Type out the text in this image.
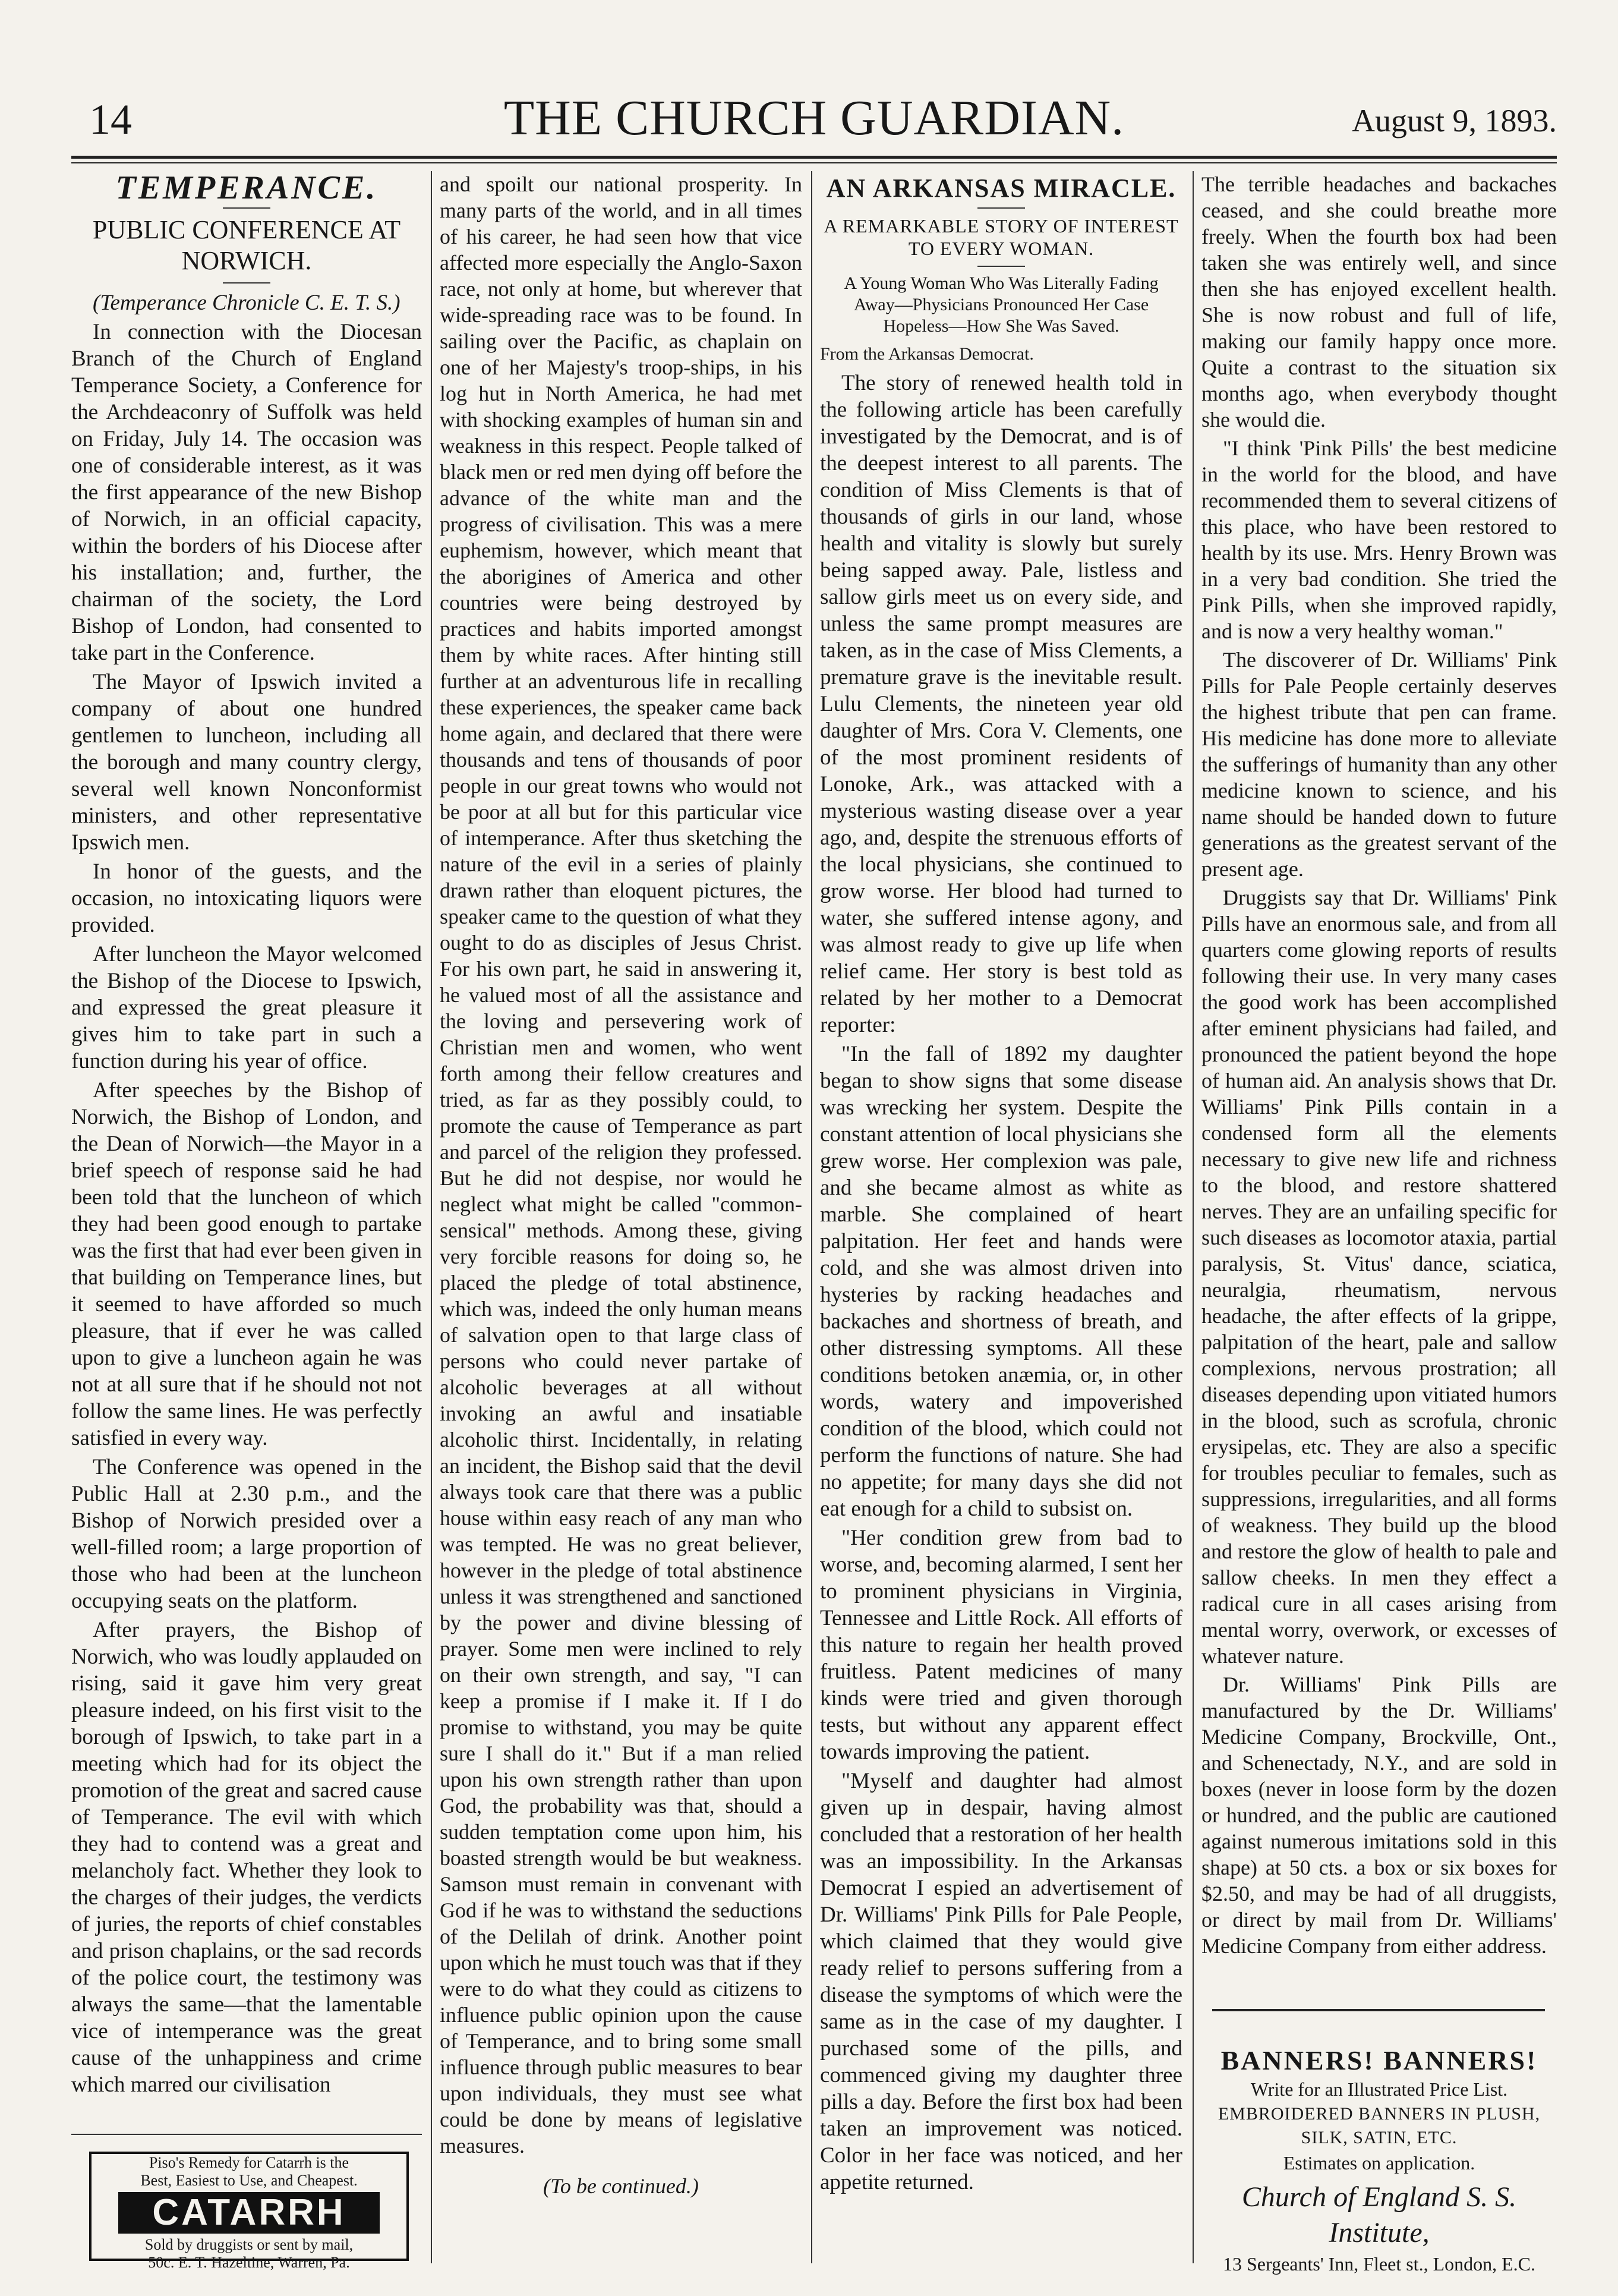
14	THE CHURCH GUARDIAN.	August 9, 1893.
TEMPERANCE.
PUBLIC CONFERENCE AT NORWICH.

(Temperance Chronicle C. E. T. S.)

In connection with the Diocesan Branch of the Church of England Temperance Society, a Conference for the Archdeaconry of Suffolk was held on Friday, July 14. The occasion was one of considerable interest, as it was the first appearance of the new Bishop of Norwich, in an official capacity, within the borders of his Diocese after his installation; and, further, the chairman of the society, the Lord Bishop of London, had consented to take part in the Conference.

The Mayor of Ipswich invited a company of about one hundred gentlemen to luncheon, including all the borough and many country clergy, several well known Nonconformist ministers, and other representative Ipswich men.

In honor of the guests, and the occasion, no intoxicating liquors were provided.

After luncheon the Mayor welcomed the Bishop of the Diocese to Ipswich, and expressed the great pleasure it gives him to take part in such a function during his year of office.

After speeches by the Bishop of Norwich, the Bishop of London, and the Dean of Norwich—the Mayor in a brief speech of response said he had been told that the luncheon of which they had been good enough to partake was the first that had ever been given in that building on Temperance lines, but it seemed to have afforded so much pleasure, that if ever he was called upon to give a luncheon again he was not at all sure that if he should not not follow the same lines. He was perfectly satisfied in every way.

The Conference was opened in the Public Hall at 2.30 p.m., and the Bishop of Norwich presided over a well-filled room; a large proportion of those who had been at the luncheon occupying seats on the platform.

After prayers, the Bishop of Norwich, who was loudly applauded on rising, said it gave him very great pleasure indeed, on his first visit to the borough of Ipswich, to take part in a meeting which had for its object the promotion of the great and sacred cause of Temperance. The evil with which they had to contend was a great and melancholy fact. Whether they look to the charges of their judges, the verdicts of juries, the reports of chief constables and prison chaplains, or the sad records of the police court, the testimony was always the same—that the lamentable vice of intemperance was the great cause of the unhappiness and crime which marred our civilisation

Piso's Remedy for Catarrh is the
Best, Easiest to Use, and Cheapest.
CATARRH
Sold by druggists or sent by mail,
50c. E. T. Hazeltine, Warren, Pa.

and spoilt our national prosperity. In many parts of the world, and in all times of his career, he had seen how that vice affected more especially the Anglo-Saxon race, not only at home, but wherever that wide-spreading race was to be found. In sailing over the Pacific, as chaplain on one of her Majesty's troop-ships, in his log hut in North America, he had met with shocking examples of human sin and weakness in this respect. People talked of black men or red men dying off before the advance of the white man and the progress of civilisation. This was a mere euphemism, however, which meant that the aborigines of America and other countries were being destroyed by practices and habits imported amongst them by white races. After hinting still further at an adventurous life in recalling these experiences, the speaker came back home again, and declared that there were thousands and tens of thousands of poor people in our great towns who would not be poor at all but for this particular vice of intemperance. After thus sketching the nature of the evil in a series of plainly drawn rather than eloquent pictures, the speaker came to the question of what they ought to do as disciples of Jesus Christ. For his own part, he said in answering it, he valued most of all the assistance and the loving and persevering work of Christian men and women, who went forth among their fellow creatures and tried, as far as they possibly could, to promote the cause of Temperance as part and parcel of the religion they professed. But he did not despise, nor would he neglect what might be called "common-sensical" methods. Among these, giving very forcible reasons for doing so, he placed the pledge of total abstinence, which was, indeed the only human means of salvation open to that large class of persons who could never partake of alcoholic beverages at all without invoking an awful and insatiable alcoholic thirst. Incidentally, in relating an incident, the Bishop said that the devil always took care that there was a public house within easy reach of any man who was tempted. He was no great believer, however in the pledge of total abstinence unless it was strengthened and sanctioned by the power and divine blessing of prayer. Some men were inclined to rely on their own strength, and say, "I can keep a promise if I make it. If I do promise to withstand, you may be quite sure I shall do it." But if a man relied upon his own strength rather than upon God, the probability was that, should a sudden temptation come upon him, his boasted strength would be but weakness. Samson must remain in convenant with God if he was to withstand the seductions of the Delilah of drink. Another point upon which he must touch was that if they were to do what they could as citizens to influence public opinion upon the cause of Temperance, and to bring some small influence through public measures to bear upon individuals, they must see what could be done by means of legislative measures.

(To be continued.)
AN ARKANSAS MIRACLE.
A REMARKABLE STORY OF INTEREST TO EVERY WOMAN.
A Young Woman Who Was Literally Fading Away—Physicians Pronounced Her Case Hopeless—How She Was Saved.

From the Arkansas Democrat.

The story of renewed health told in the following article has been carefully investigated by the Democrat, and is of the deepest interest to all parents. The condition of Miss Clements is that of thousands of girls in our land, whose health and vitality is slowly but surely being sapped away. Pale, listless and sallow girls meet us on every side, and unless the same prompt measures are taken, as in the case of Miss Clements, a premature grave is the inevitable result. Lulu Clements, the nineteen year old daughter of Mrs. Cora V. Clements, one of the most prominent residents of Lonoke, Ark., was attacked with a mysterious wasting disease over a year ago, and, despite the strenuous efforts of the local physicians, she continued to grow worse. Her blood had turned to water, she suffered intense agony, and was almost ready to give up life when relief came. Her story is best told as related by her mother to a Democrat reporter:

"In the fall of 1892 my daughter began to show signs that some disease was wrecking her system. Despite the constant attention of local physicians she grew worse. Her complexion was pale, and she became almost as white as marble. She complained of heart palpitation. Her feet and hands were cold, and she was almost driven into hysteries by racking headaches and backaches and shortness of breath, and other distressing symptoms. All these conditions betoken anæmia, or, in other words, watery and impoverished condition of the blood, which could not perform the functions of nature. She had no appetite; for many days she did not eat enough for a child to subsist on.

"Her condition grew from bad to worse, and, becoming alarmed, I sent her to prominent physicians in Virginia, Tennessee and Little Rock. All efforts of this nature to regain her health proved fruitless. Patent medicines of many kinds were tried and given thorough tests, but without any apparent effect towards improving the patient.

"Myself and daughter had almost given up in despair, having almost concluded that a restoration of her health was an impossibility. In the Arkansas Democrat I espied an advertisement of Dr. Williams' Pink Pills for Pale People, which claimed that they would give ready relief to persons suffering from a disease the symptoms of which were the same as in the case of my daughter. I purchased some of the pills, and commenced giving my daughter three pills a day. Before the first box had been taken an improvement was noticed. Color in her face was noticed, and her appetite returned.

The terrible headaches and backaches ceased, and she could breathe more freely. When the fourth box had been taken she was entirely well, and since then she has enjoyed excellent health. She is now robust and full of life, making our family happy once more. Quite a contrast to the situation six months ago, when everybody thought she would die.

"I think 'Pink Pills' the best medicine in the world for the blood, and have recommended them to several citizens of this place, who have been restored to health by its use. Mrs. Henry Brown was in a very bad condition. She tried the Pink Pills, when she improved rapidly, and is now a very healthy woman."

The discoverer of Dr. Williams' Pink Pills for Pale People certainly deserves the highest tribute that pen can frame. His medicine has done more to alleviate the sufferings of humanity than any other medicine known to science, and his name should be handed down to future generations as the greatest servant of the present age.

Druggists say that Dr. Williams' Pink Pills have an enormous sale, and from all quarters come glowing reports of results following their use. In very many cases the good work has been accomplished after eminent physicians had failed, and pronounced the patient beyond the hope of human aid. An analysis shows that Dr. Williams' Pink Pills contain in a condensed form all the elements necessary to give new life and richness to the blood, and restore shattered nerves. They are an unfailing specific for such diseases as locomotor ataxia, partial paralysis, St. Vitus' dance, sciatica, neuralgia, rheumatism, nervous headache, the after effects of la grippe, palpitation of the heart, pale and sallow complexions, nervous prostration; all diseases depending upon vitiated humors in the blood, such as scrofula, chronic erysipelas, etc. They are also a specific for troubles peculiar to females, such as suppressions, irregularities, and all forms of weakness. They build up the blood and restore the glow of health to pale and sallow cheeks. In men they effect a radical cure in all cases arising from mental worry, overwork, or excesses of whatever nature.

Dr. Williams' Pink Pills are manufactured by the Dr. Williams' Medicine Company, Brockville, Ont., and Schenectady, N.Y., and are sold in boxes (never in loose form by the dozen or hundred, and the public are cautioned against numerous imitations sold in this shape) at 50 cts. a box or six boxes for $2.50, and may be had of all druggists, or direct by mail from Dr. Williams' Medicine Company from either address.

BANNERS! BANNERS!
Write for an Illustrated Price List.
EMBROIDERED BANNERS IN PLUSH, SILK, SATIN, ETC.
Estimates on application.
Church of England S. S. Institute,
13 Sergeants' Inn, Fleet st., London, E.C.
